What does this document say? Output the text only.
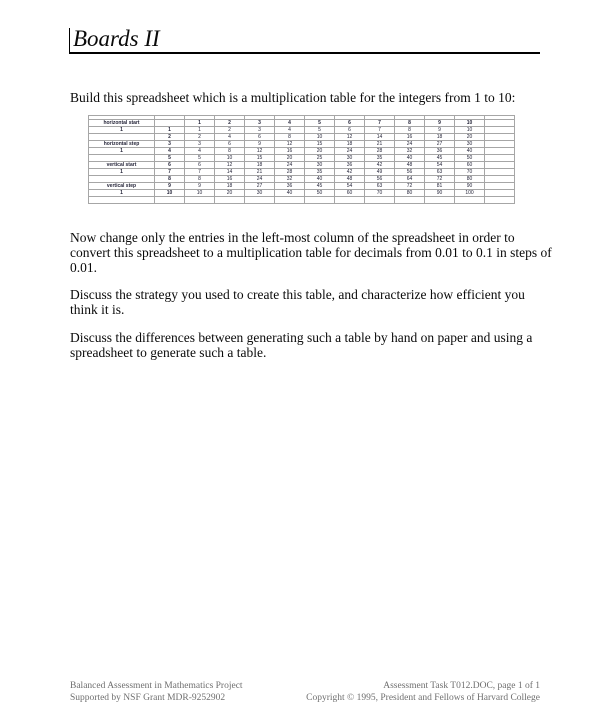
Boards II
Build this spreadsheet which is a multiplication table for the integers from 1 to 10:

horizontal start		1	2	3	4	5	6	7	8	9	10	
1	1	1	2	3	4	5	6	7	8	9	10	
	2	2	4	6	8	10	12	14	16	18	20	
horizontal step	3	3	6	9	12	15	18	21	24	27	30	
1	4	4	8	12	16	20	24	28	32	36	40	
	5	5	10	15	20	25	30	35	40	45	50	
vertical start	6	6	12	18	24	30	36	42	48	54	60	
1	7	7	14	21	28	35	42	49	56	63	70	
	8	8	16	24	32	40	48	56	64	72	80	
vertical step	9	9	18	27	36	45	54	63	72	81	90	
1	10	10	20	30	40	50	60	70	80	90	100	

Now change only the entries in the left-most column of the spreadsheet in order to
convert this spreadsheet to a multiplication table for decimals from 0.01 to 0.1 in steps of
0.01.
Discuss the strategy you used to create this table, and characterize how efficient you
think it is.
Discuss the differences between generating such a table by hand on paper and using a
spreadsheet to generate such a table.
Balanced Assessment in Mathematics Project
Supported by NSF Grant MDR-9252902
Assessment Task T012.DOC, page 1 of 1
Copyright © 1995, President and Fellows of Harvard College
